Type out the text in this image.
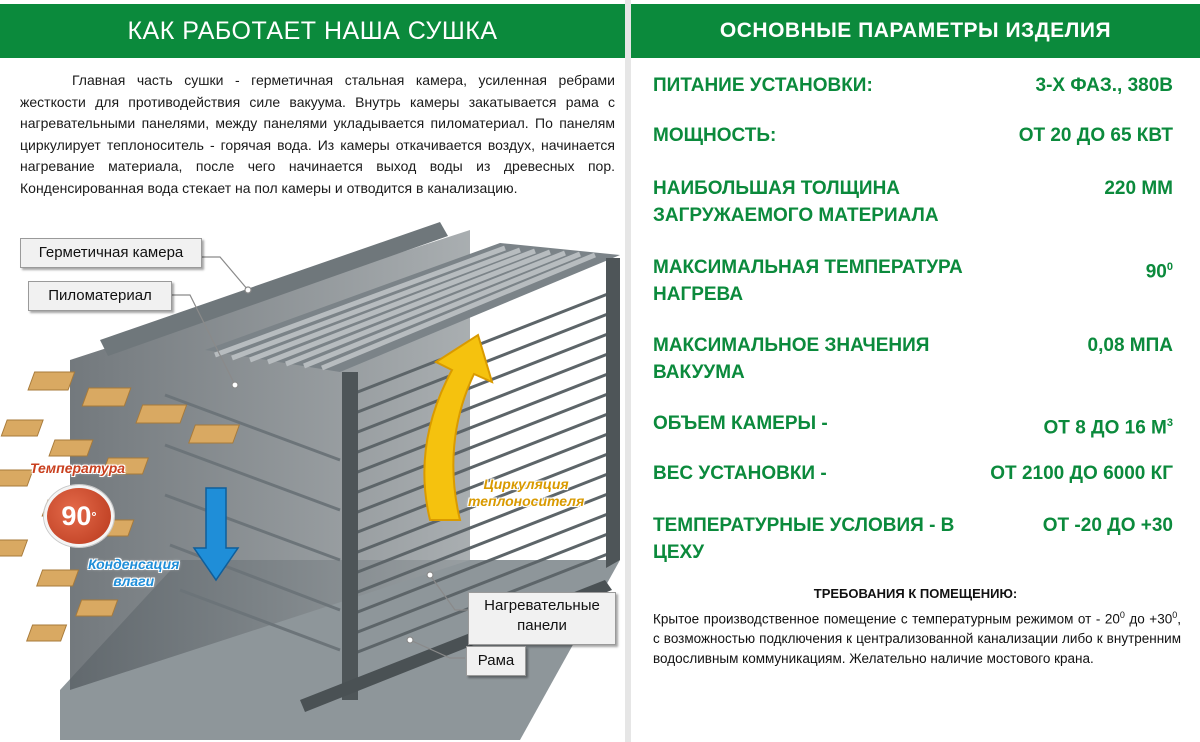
КАК РАБОТАЕТ НАША СУШКА

Главная часть сушки - герметичная стальная камера, усиленная ребрами жесткости для противодействия силе вакуума. Внутрь камеры закатывается рама с нагревательными панелями, между панелями укладывается пиломатериал. По панелям циркулирует теплоноситель - горячая вода. Из камеры откачивается воздух, начинается нагревание материала, после чего начинается выход воды из древесных пор. Конденсированная вода стекает на пол камеры и отводится в канализацию.

Герметичная камера
Пиломатериал
Нагревательные
панели
Рама
Температура
90 °
Конденсация
влаги
Циркуляция
теплоносителя
ОСНОВНЫЕ ПАРАМЕТРЫ ИЗДЕЛИЯ
ПИТАНИЕ УСТАНОВКИ:	3-Х ФАЗ., 380В
МОЩНОСТЬ:	ОТ 20 ДО 65 КВТ
НАИБОЛЬШАЯ ТОЛЩИНА ЗАГРУЖАЕМОГО МАТЕРИАЛА
220 ММ
МАКСИМАЛЬНАЯ ТЕМПЕРАТУРА НАГРЕВА
$90^0$
МАКСИМАЛЬНОЕ ЗНАЧЕНИЯ ВАКУУМА
0,08 МПА
ОБЪЕМ КАМЕРЫ -	ОТ 8 ДО 16 $М^3$
ВЕС УСТАНОВКИ -	ОТ 2100 ДО 6000 КГ
ТЕМПЕРАТУРНЫЕ УСЛОВИЯ - В ЦЕХУ
ОТ -20 ДО +30

ТРЕБОВАНИЯ К ПОМЕЩЕНИЮ:

Крытое производственное помещение с температурным режимом от - $20^0$ до $+30^0$, с возможностью подключения к централизованной канализации либо к внутренним водосливным коммуникациям. Желательно наличие мостового крана.
